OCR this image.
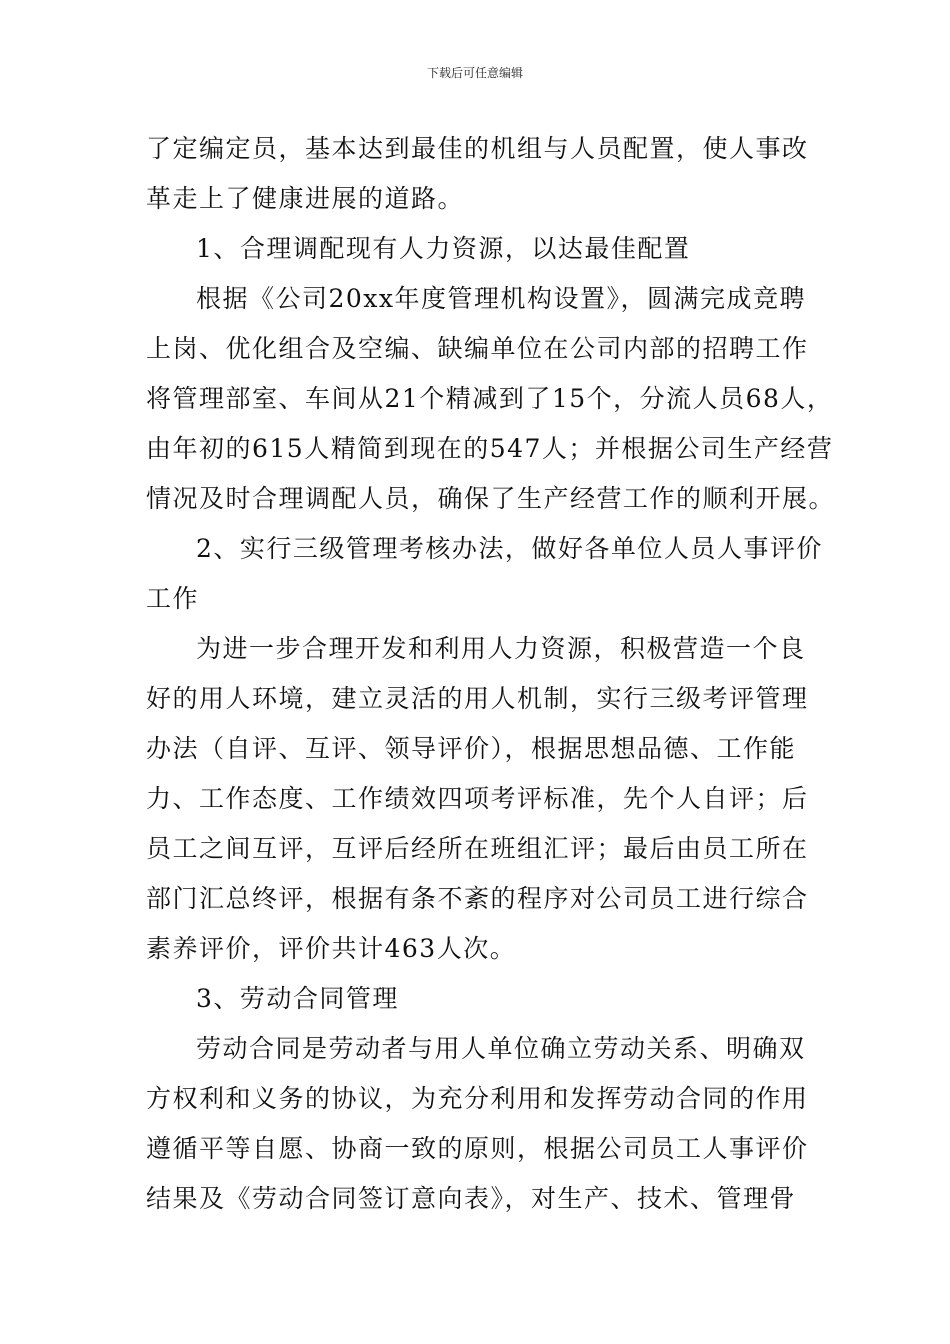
下载后可任意编辑
了定编定员，基本达到最佳的机组与人员配置，使人事改
革走上了健康进展的道路。
1、合理调配现有人力资源，以达最佳配置
根据《公司20xx年度管理机构设置》，圆满完成竞聘
上岗、优化组合及空编、缺编单位在公司内部的招聘工作
将管理部室、车间从21个精减到了15个，分流人员68人，
由年初的615人精简到现在的547人；并根据公司生产经营
情况及时合理调配人员，确保了生产经营工作的顺利开展。
2、实行三级管理考核办法，做好各单位人员人事评价
工作
为进一步合理开发和利用人力资源，积极营造一个良
好的用人环境，建立灵活的用人机制，实行三级考评管理
办法（自评、互评、领导评价），根据思想品德、工作能
力、工作态度、工作绩效四项考评标准，先个人自评；后
员工之间互评，互评后经所在班组汇评；最后由员工所在
部门汇总终评，根据有条不紊的程序对公司员工进行综合
素养评价，评价共计463人次。
3、劳动合同管理
劳动合同是劳动者与用人单位确立劳动关系、明确双
方权利和义务的协议，为充分利用和发挥劳动合同的作用
遵循平等自愿、协商一致的原则，根据公司员工人事评价
结果及《劳动合同签订意向表》，对生产、技术、管理骨
